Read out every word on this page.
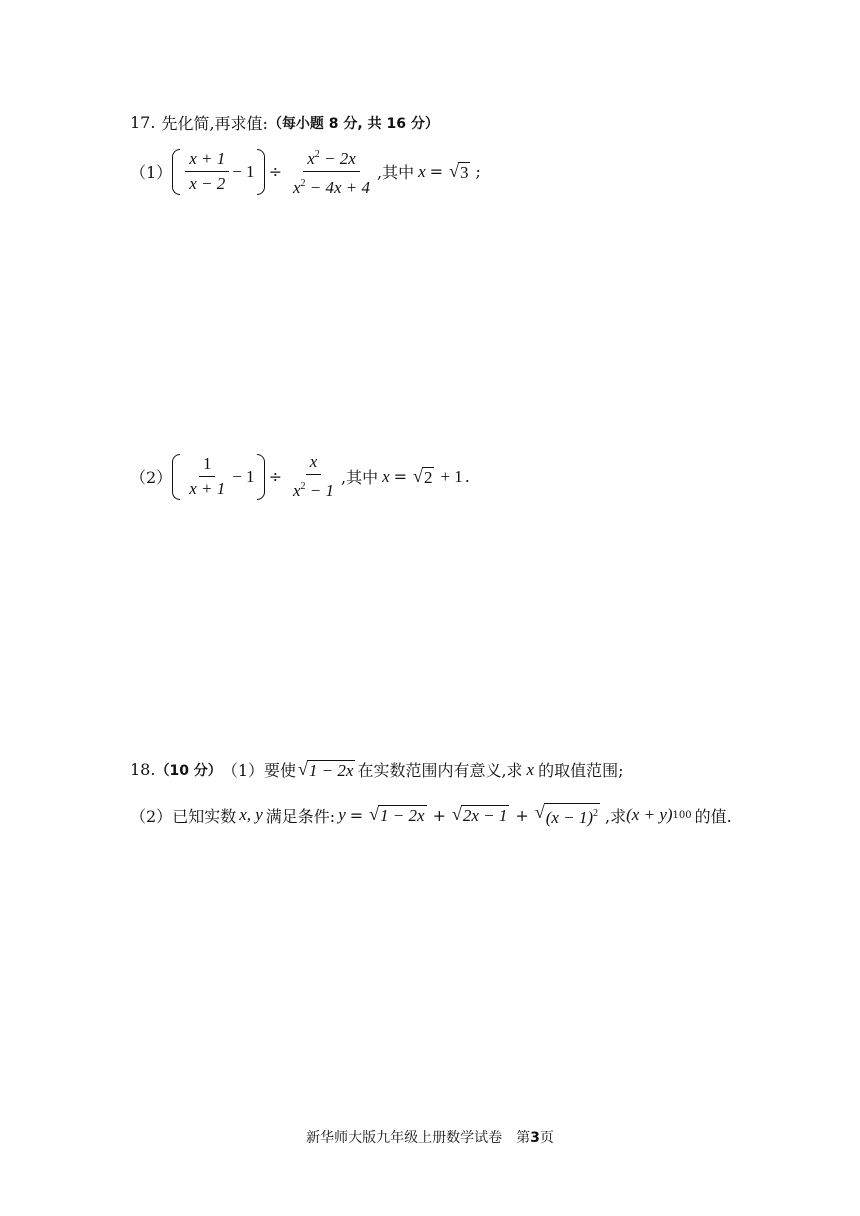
17. 先化简,再求值: （每小题 8 分, 共 16 分）
$(1) \frac{x + 1}{x - 2} - 1 \div \frac{x^2 - 2x}{x^2 - 4x + 4}$ ,其中 x = √ 3 ;
$(2) \frac{1}{x + 1} - 1 \div \frac{x}{x^2 - 1}$ ,其中 x = √ 2 + 1 .
18. （10 分） （1） 要使 √ 1 − 2x 在实数范围内有意义,求 x 的取值范围;
（2） 已知实数 x, y 满足条件: y = √ 1 − 2x + √ 2x − 1 + √ $(x - 1)^2$ ,求 (x + y) 100 的值.
新华师大版九年级上册数学试卷　第3页
